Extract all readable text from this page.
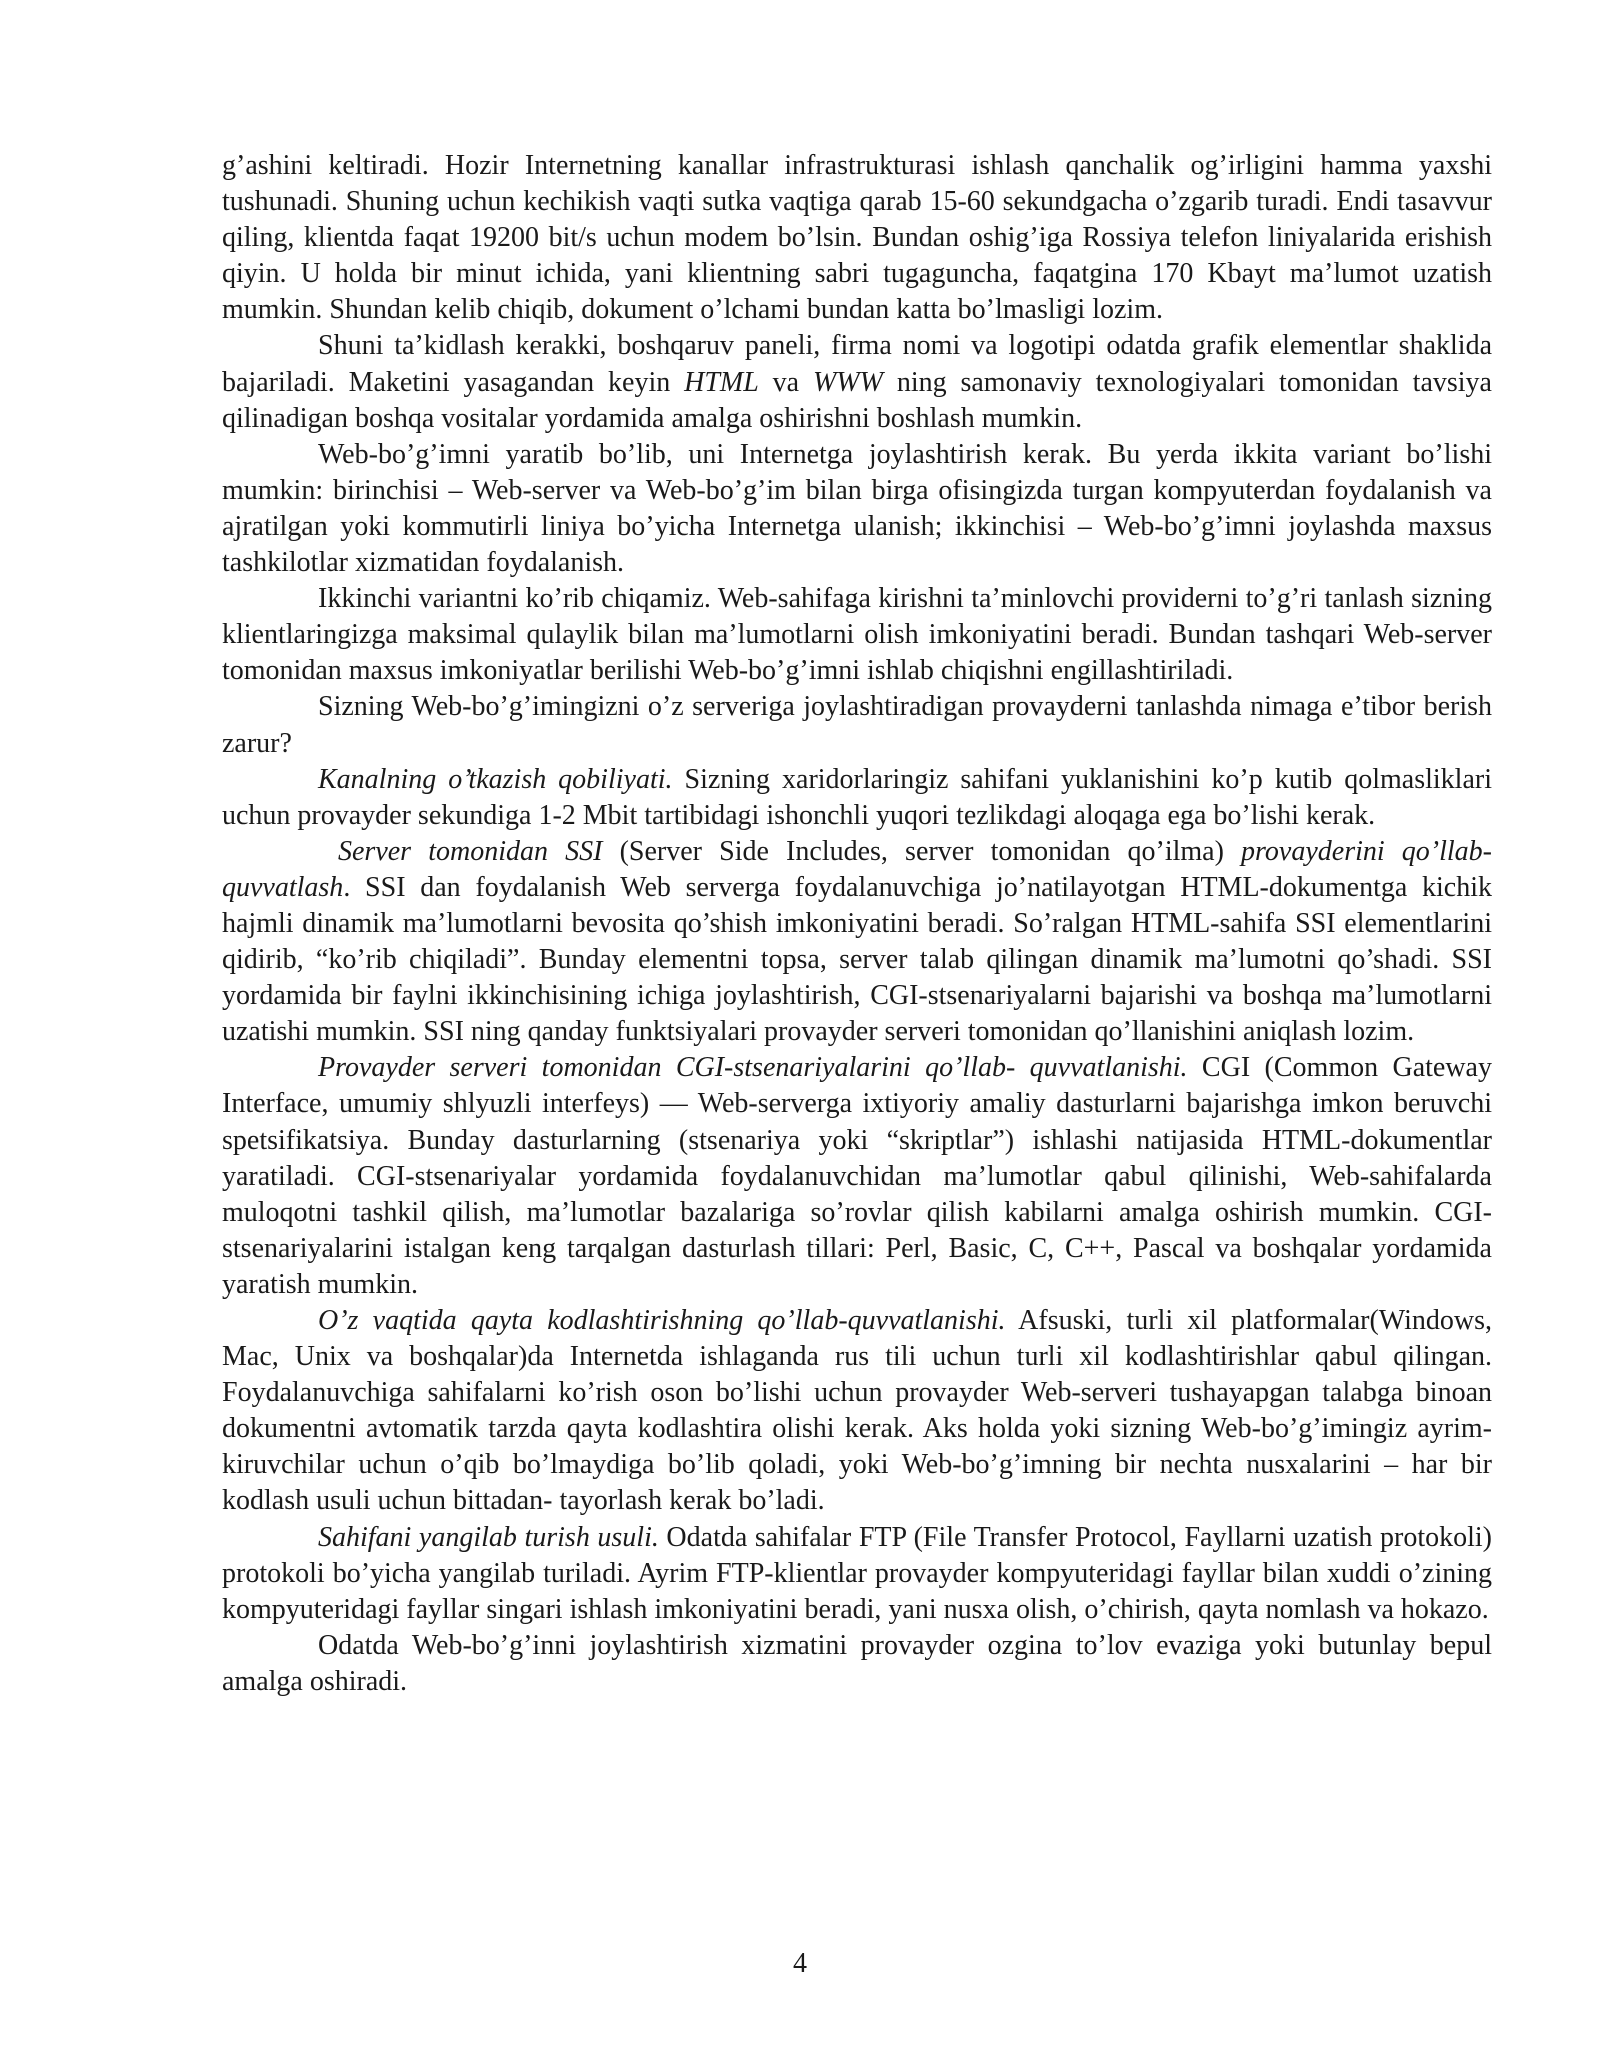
g’ashini keltiradi. Hozir Internetning kanallar infrastrukturasi ishlash qanchalik og’irligini hamma yaxshi tushunadi. Shuning uchun kechikish vaqti sutka vaqtiga qarab 15-60 sekundgacha o’zgarib turadi. Endi tasavvur qiling, klientda faqat 19200 bit/s uchun modem bo’lsin. Bundan oshig’iga Rossiya telefon liniyalarida erishish qiyin. U holda bir minut ichida, yani klientning sabri tugaguncha, faqatgina 170 Kbayt ma’lumot uzatish mumkin. Shundan kelib chiqib, dokument o’lchami bundan katta bo’lmasligi lozim.

Shuni ta’kidlash kerakki, boshqaruv paneli, firma nomi va logotipi odatda grafik elementlar shaklida bajariladi. Maketini yasagandan keyin HTML va WWW ning samonaviy texnologiyalari tomonidan tavsiya qilinadigan boshqa vositalar yordamida amalga oshirishni boshlash mumkin.

Web-bo’g’imni yaratib bo’lib, uni Internetga joylashtirish kerak. Bu yerda ikkita variant bo’lishi mumkin: birinchisi – Web-server va Web-bo’g’im bilan birga ofisingizda turgan kompyuterdan foydalanish va ajratilgan yoki kommutirli liniya bo’yicha Internetga ulanish; ikkinchisi – Web-bo’g’imni joylashda maxsus tashkilotlar xizmatidan foydalanish.

Ikkinchi variantni ko’rib chiqamiz. Web-sahifaga kirishni ta’minlovchi providerni to’g’ri tanlash sizning klientlaringizga maksimal qulaylik bilan ma’lumotlarni olish imkoniyatini beradi. Bundan tashqari Web-server tomonidan maxsus imkoniyatlar berilishi Web-bo’g’imni ishlab chiqishni engillashtiriladi.

Sizning Web-bo’g’imingizni o’z serveriga joylashtiradigan provayderni tanlashda nimaga e’tibor berish zarur?

Kanalning o’tkazish qobiliyati. Sizning xaridorlaringiz sahifani yuklanishini ko’p kutib qolmasliklari uchun provayder sekundiga 1-2 Mbit tartibidagi ishonchli yuqori tezlikdagi aloqaga ega bo’lishi kerak.

Server tomonidan SSI (Server Side Includes, server tomonidan qo’ilma) provayderini qo’llab-quvvatlash. SSI dan foydalanish Web serverga foydalanuvchiga jo’natilayotgan HTML-dokumentga kichik hajmli dinamik ma’lumotlarni bevosita qo’shish imkoniyatini beradi. So’ralgan HTML-sahifa SSI elementlarini qidirib, “ko’rib chiqiladi”. Bunday elementni topsa, server talab qilingan dinamik ma’lumotni qo’shadi. SSI yordamida bir faylni ikkinchisining ichiga joylashtirish, CGI-stsenariyalarni bajarishi va boshqa ma’lumotlarni uzatishi mumkin. SSI ning qanday funktsiyalari provayder serveri tomonidan qo’llanishini aniqlash lozim.

Provayder serveri tomonidan CGI-stsenariyalarini qo’llab- quvvatlanishi. CGI (Common Gateway Interface, umumiy shlyuzli interfeys) — Web-serverga ixtiyoriy amaliy dasturlarni bajarishga imkon beruvchi spetsifikatsiya. Bunday dasturlarning (stsenariya yoki “skriptlar”) ishlashi natijasida HTML-dokumentlar yaratiladi. CGI-stsenariyalar yordamida foydalanuvchidan ma’lumotlar qabul qilinishi, Web-sahifalarda muloqotni tashkil qilish, ma’lumotlar bazalariga so’rovlar qilish kabilarni amalga oshirish mumkin. CGI-stsenariyalarini istalgan keng tarqalgan dasturlash tillari: Perl, Basic, C, C++, Pascal va boshqalar yordamida yaratish mumkin.

O’z vaqtida qayta kodlashtirishning qo’llab-quvvatlanishi. Afsuski, turli xil platformalar(Windows, Mac, Unix va boshqalar)da Internetda ishlaganda rus tili uchun turli xil kodlashtirishlar qabul qilingan. Foydalanuvchiga sahifalarni ko’rish oson bo’lishi uchun provayder Web-serveri tushayapgan talabga binoan dokumentni avtomatik tarzda qayta kodlashtira olishi kerak. Aks holda yoki sizning Web-bo’g’imingiz ayrim- kiruvchilar uchun o’qib bo’lmaydiga bo’lib qoladi, yoki Web-bo’g’imning bir nechta nusxalarini – har bir kodlash usuli uchun bittadan- tayorlash kerak bo’ladi.

Sahifani yangilab turish usuli. Odatda sahifalar FTP (File Transfer Protocol, Fayllarni uzatish protokoli) protokoli bo’yicha yangilab turiladi. Ayrim FTP-klientlar provayder kompyuteridagi fayllar bilan xuddi o’zining kompyuteridagi fayllar singari ishlash imkoniyatini beradi, yani nusxa olish, o’chirish, qayta nomlash va hokazo.

Odatda Web-bo’g’inni joylashtirish xizmatini provayder ozgina to’lov evaziga yoki butunlay bepul amalga oshiradi.

4
